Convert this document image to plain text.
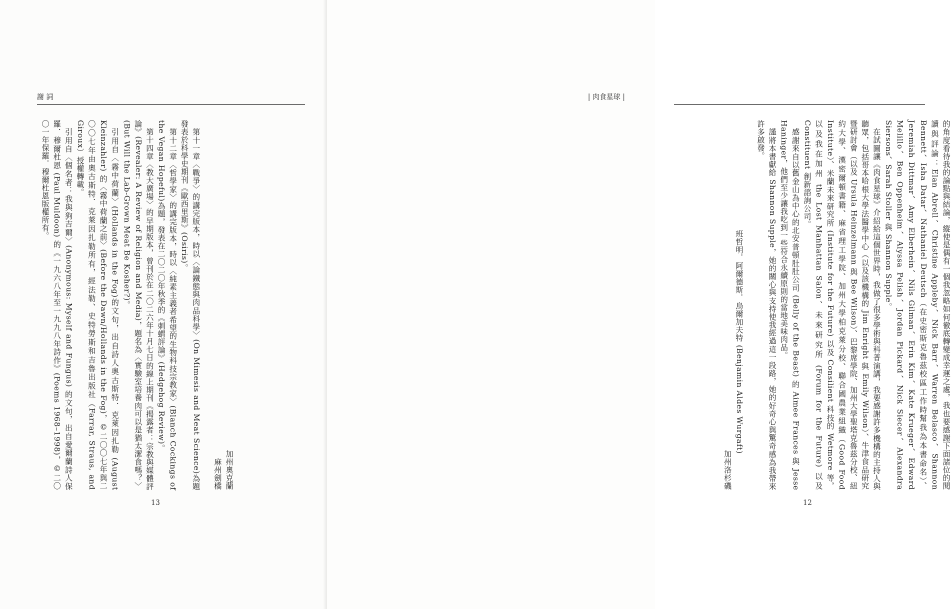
謝 詞

加州奧克蘭

麻州劍橋

第十一章〈戰爭〉的講完版本，時以〈論鐵態與肉品科學〉(On Mimesis and Meat Science)為題發表於科學史期刊《歐西里斯》(Osiris)。

第十二章〈哲學家〉的講完版本，時以〈純素主義者希望的生物科技宗教家〉(Blanch Cockings of the Vegan Hopeful)為題，發表在二〇二〇年秋季的《刺蝟評論》(Hedgehog Review)。

第十四章〈教大廣場〉的早期版本，曾刊於在二〇二六年十月七日的線上期刊《揭露者：宗教與媒體評論》(Revealer: A Review of Religion and Media)，題名為〈實驗室培養肉可以是猶太潔食嗎？〉(But Will the Lab-Grown Meat Be Kosher?)。

引用自〈霧中荷蘭〉(Hollands in the Fog)的文句，出自詩人奧古斯特．克萊因扎勒 (August Kleinzahler) 的〈霧中荷蘭之前〉(Before the Dawn/Hollands in the Fog)，©二〇〇七年與二〇〇七年由奧古斯特．克萊因扎勒所有，經法勒、史特勞斯和吉魯出版社（Farrar, Straus, and Giroux）授權轉載。

引用自〈個名者：我與狗吉爾〉(Anonymous: Myself and Fungus) 的文句，出自愛爾蘭詩人保羅．穆爾杜恩 (Paul Muldoon) 的《一九六八年至一九九八年詩作》(Poems 1968–1998)，©二〇〇一年保羅．穆爾杜恩版權所有。

13
| 肉食星球 |

的角度看待我的論點與結論，縱使是偶有一個我忽略如何徹底轉變成幸運之處，我也要感謝下面諸位的閱讀與評論：Elan Abrell、Christine Appleby、Nick Barr、Warren Belasco、Shannon Bennett、Isha Datar、Nathaniel Deutsch（在史密斯克魯茲校區工作時幫我為本書命名）、Jeremiah Dittmar、Amy Elberhein、Nils Gilman、Erin Kim、Kate Krueger、Edward Melillo、Ben Oppenheim、Alyssa Pelish、Jordan Pickard、Nick Siecer、Alexandra Siersons、Sarah Stoller 與 Shannon Supple。

在試圖讓《肉食星球》介紹給這個世界時，我做了很多學術與科普演講，我要感謝許多機構的主持人與聽眾，包括哥本哈根大學法醫學中心（以及該機構的 Jim Enright 與 Emily Wilson）、牛津食品研究暨研討會（以及 Ursula Heinzelmann 與 Bee Wilson）、巴黎席學院、加州大學聖塔克魯茲分校、紐約大學、漢密爾頓書籍、麻省理工學院、加州大學柏克萊分校、聯合國農業組織（Good Food Institute）、米蘭未來研究所 (Institute for the Future) 以及 Consilient 科技的 Wetmore 等，以及我在加州 the Lost Manhattan Salon、未來研究所 (Forum for the Future) 以及 Constituent 創新諮詢公司。

感謝來自以舊金山為中心的北安普頓肚肚公司 (Belly of the Beast) 的 Aimee Frances 與 Jesse Haninger，他們至少讓我吃到一些符合永續原則的當地美味肉品。

謹將本書獻給 Shannon Supple，她的關心與支持使我經過這一段路，她的好奇心與驚奇感為我帶來許多啟發。

班哲明．阿爾德斯．烏爾加夫特 (Benjamin Aldes Wurgaft)

加州洛杉磯

12
